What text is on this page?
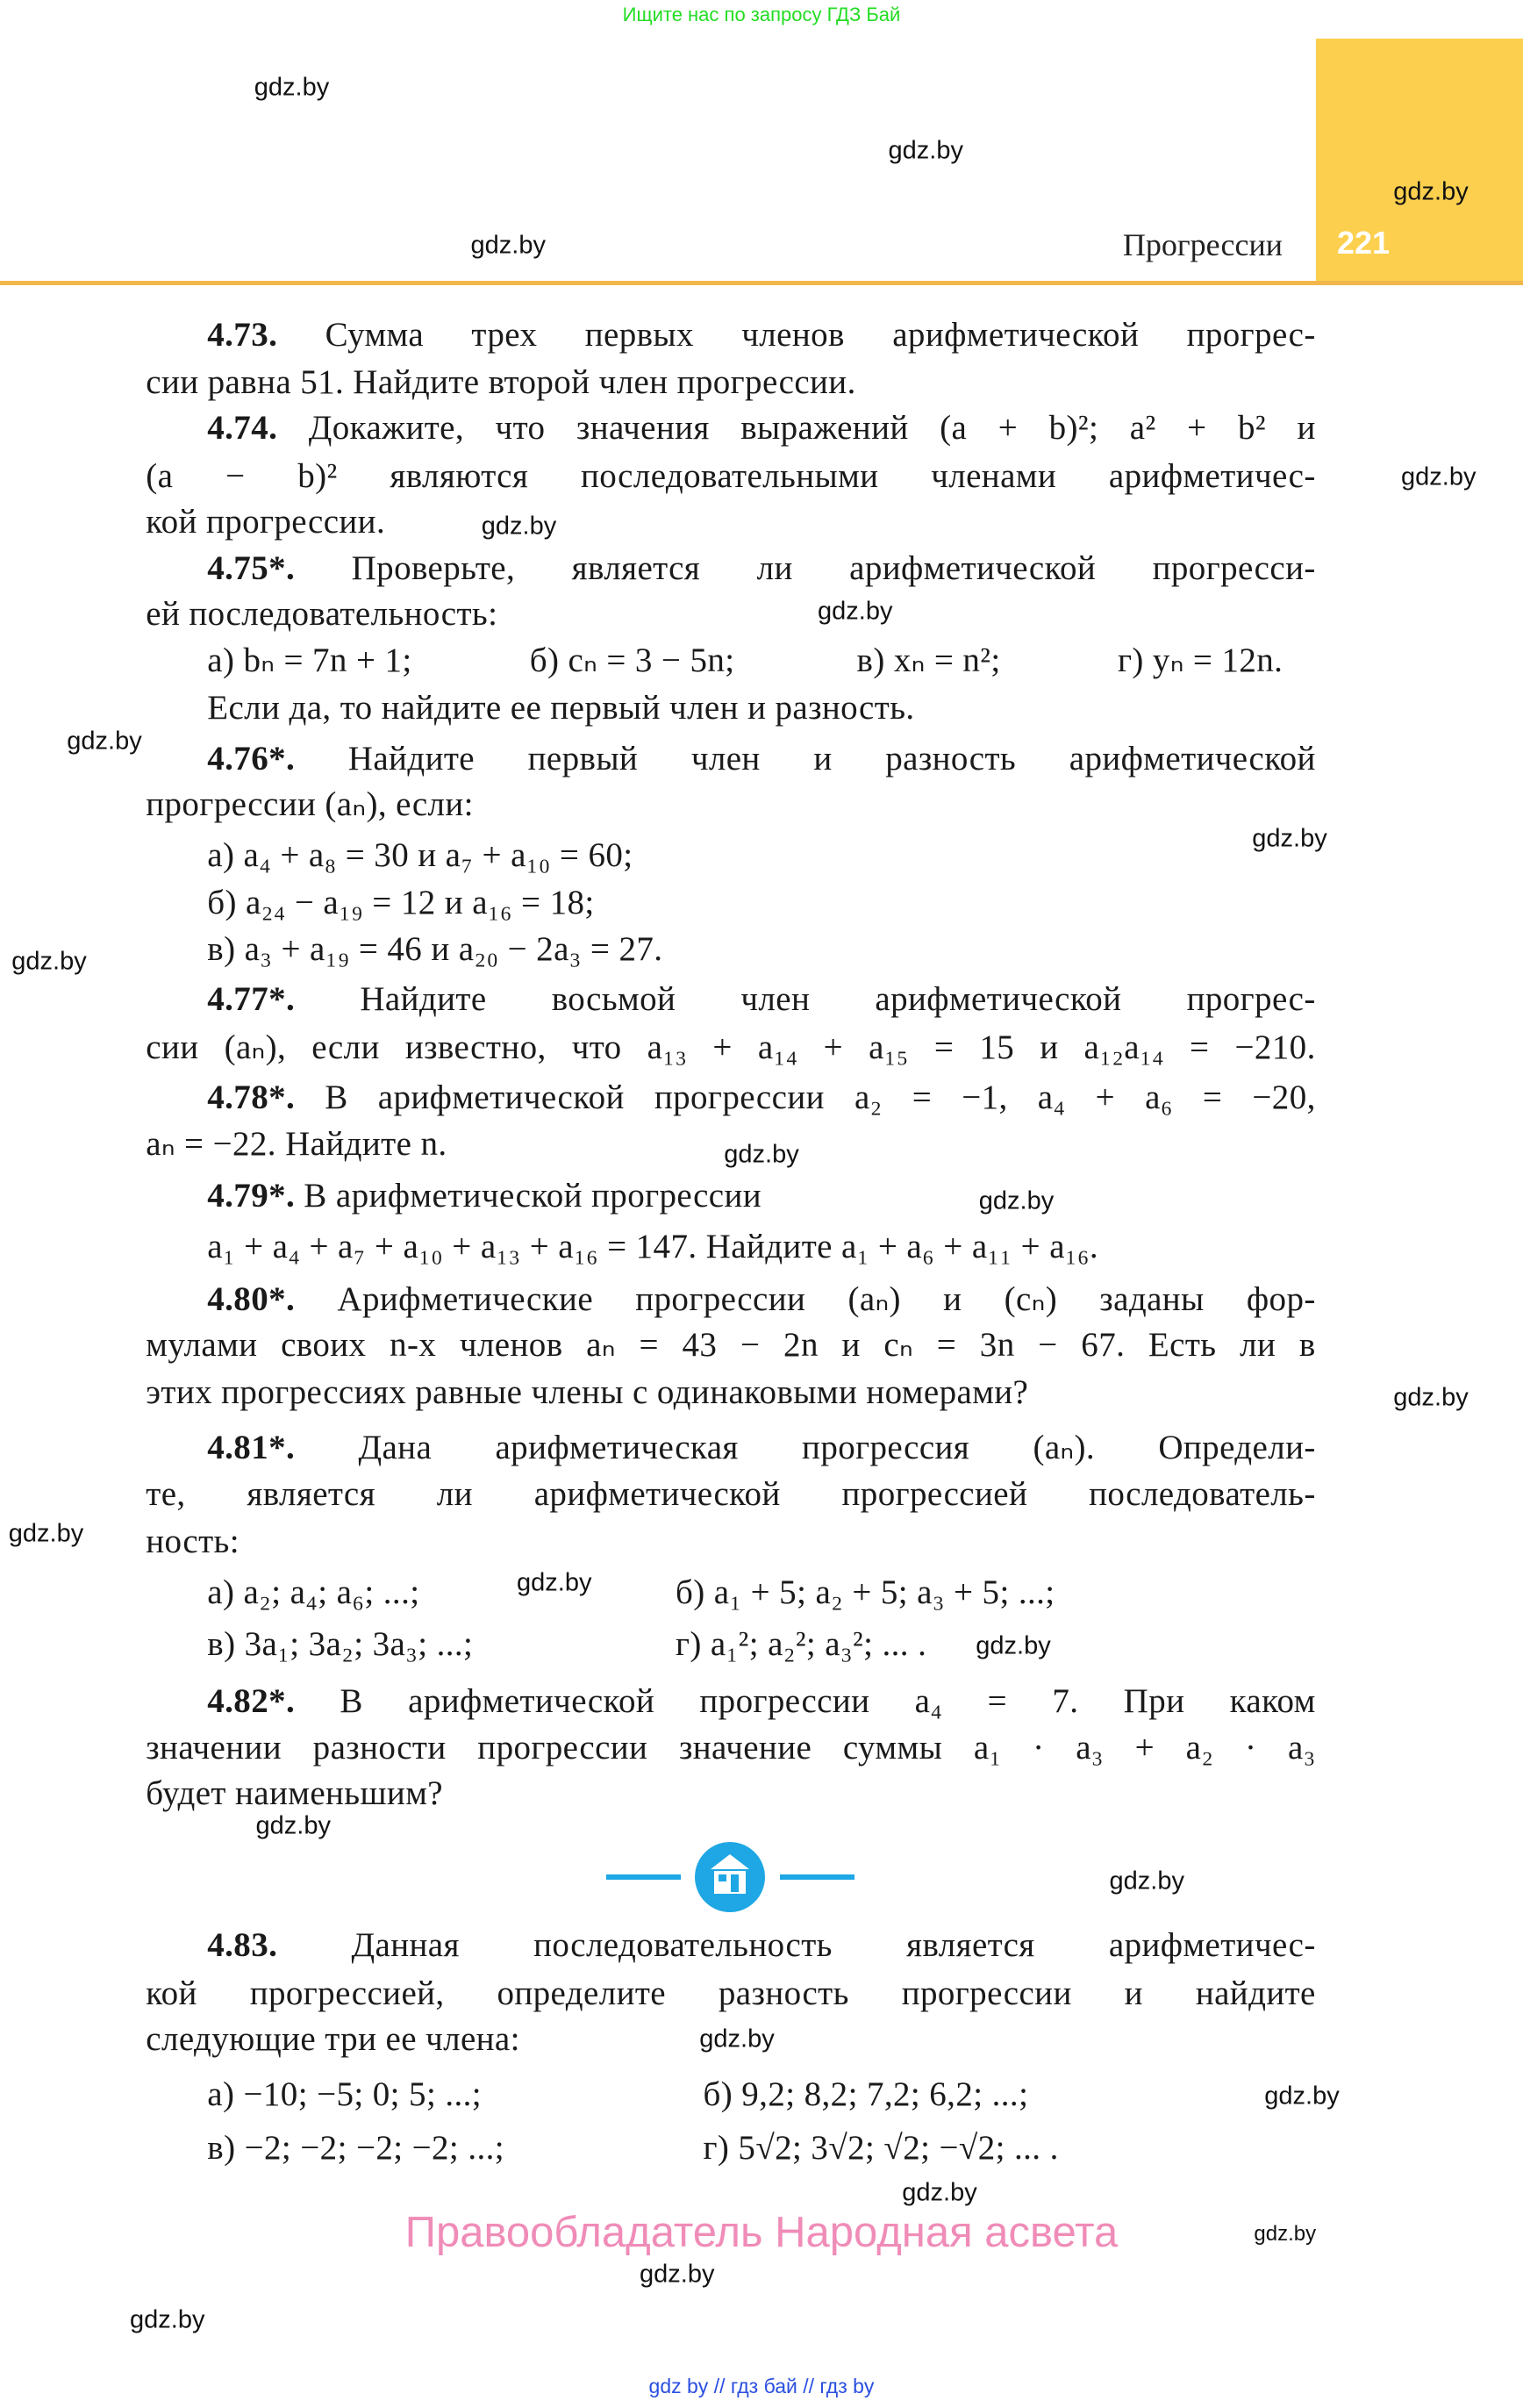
Ищите нас по запросу ГДЗ Бай
Прогрессии 221
4.73. Сумма трех первых членов арифметической прогрес-
сии равна 51. Найдите второй член прогрессии.
4.74. Докажите, что значения выражений (a + b)²; a² + b² и
(a − b)² являются последовательными членами арифметичес-
кой прогрессии.
4.75*. Проверьте, является ли арифметической прогресси-
ей последовательность:
а) bₙ = 7n + 1;	б) cₙ = 3 − 5n;	в) xₙ = n²;	г) yₙ = 12n.
Если да, то найдите ее первый член и разность.
4.76*. Найдите первый член и разность арифметической
прогрессии (aₙ), если:
а) a₄ + a₈ = 30 и a₇ + a₁₀ = 60;
б) a₂₄ − a₁₉ = 12 и a₁₆ = 18;
в) a₃ + a₁₉ = 46 и a₂₀ − 2a₃ = 27.
4.77*. Найдите восьмой член арифметической прогрес-
сии (aₙ), если известно, что a₁₃ + a₁₄ + a₁₅ = 15 и a₁₂a₁₄ = −210.
4.78*. В арифметической прогрессии a₂ = −1, a₄ + a₆ = −20,
aₙ = −22. Найдите n.
4.79*. В арифметической прогрессии
a₁ + a₄ + a₇ + a₁₀ + a₁₃ + a₁₆ = 147. Найдите a₁ + a₆ + a₁₁ + a₁₆.
4.80*. Арифметические прогрессии (aₙ) и (cₙ) заданы фор-
мулами своих n-х членов aₙ = 43 − 2n и cₙ = 3n − 67. Есть ли в
этих прогрессиях равные члены с одинаковыми номерами?
4.81*. Дана арифметическая прогрессия (aₙ). Определи-
те, является ли арифметической прогрессией последователь-
ность:
а) a₂; a₄; a₆; ...;	б) a₁ + 5; a₂ + 5; a₃ + 5; ...;
в) 3a₁; 3a₂; 3a₃; ...;	г) a₁²; a₂²; a₃²; ... .
4.82*. В арифметической прогрессии a₄ = 7. При каком
значении разности прогрессии значение суммы a₁ · a₃ + a₂ · a₃
будет наименьшим?
4.83. Данная последовательность является арифметичес-
кой прогрессией, определите разность прогрессии и найдите
следующие три ее члена:
а) −10; −5; 0; 5; ...;	б) 9,2; 8,2; 7,2; 6,2; ...;
в) −2; −2; −2; −2; ...;	г) 5√2; 3√2; √2; −√2; ... .
gdz.by
gdz.by
gdz.by
gdz.by
gdz.by
gdz.by
gdz.by
gdz.by
gdz.by
gdz.by
gdz.by
gdz.by
gdz.by
gdz.by
gdz.by
gdz.by
gdz.by
gdz.by
gdz.by
gdz.by
gdz.by
gdz.by
gdz.by
gdz.by
Правообладатель Народная асвета
gdz by // гдз бай // гдз by
